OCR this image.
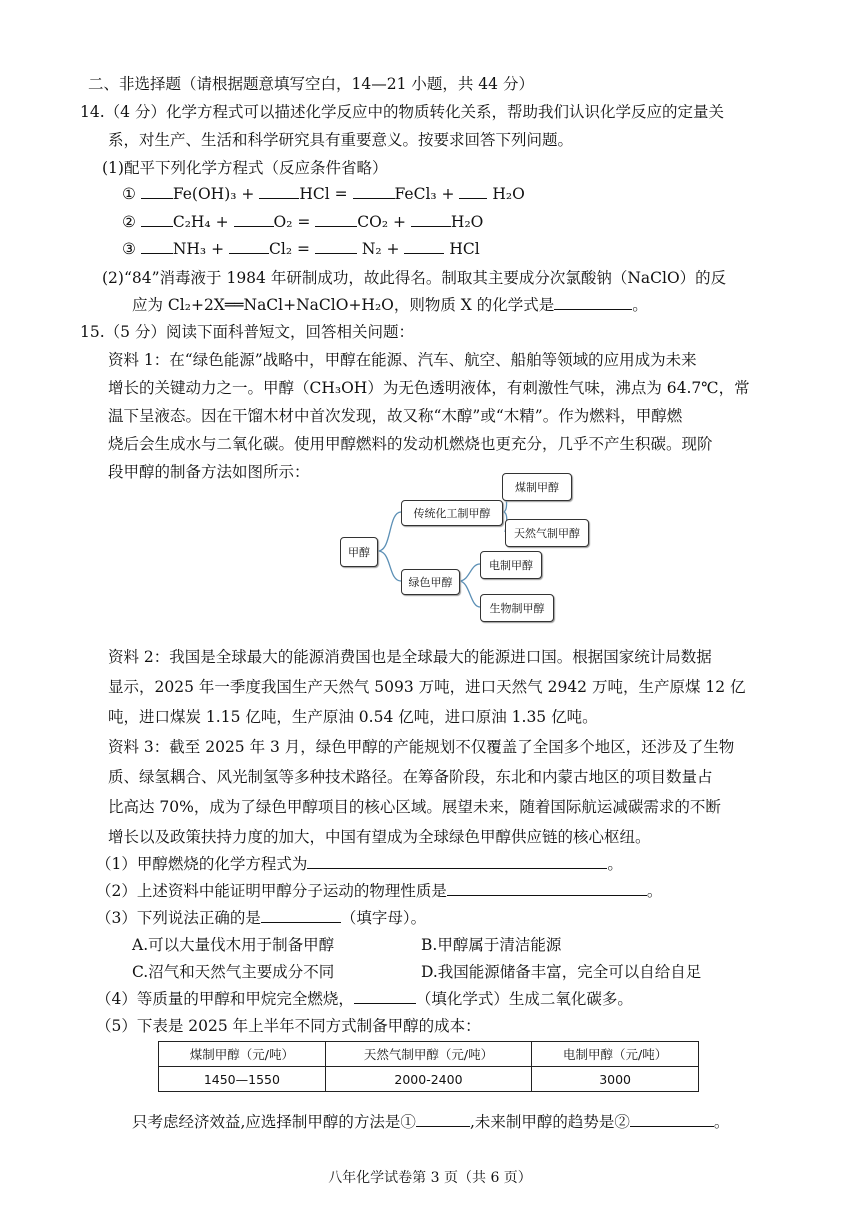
二、非选择题（请根据题意填写空白，14—21 小题，共 44 分）
14.（4 分）化学方程式可以描述化学反应中的物质转化关系，帮助我们认识化学反应的定量关
系，对生产、生活和科学研究具有重要意义。按要求回答下列问题。
(1)配平下列化学方程式（反应条件省略）
① Fe(OH)₃ +	HCl =	FeCl₃ + H₂O
② C₂H₄ +	O₂ =	CO₂ +	H₂O
③ NH₃ +	Cl₂ =	N₂ +	HCl
(2)“84”消毒液于 1984 年研制成功，故此得名。制取其主要成分次氯酸钠（NaClO）的反
应为 Cl₂+2X══NaCl+NaClO+H₂O，则物质 X 的化学式是	。
15.（5 分）阅读下面科普短文，回答相关问题：
资料 1：在“绿色能源”战略中，甲醇在能源、汽车、航空、船舶等领域的应用成为未来
增长的关键动力之一。甲醇（CH₃OH）为无色透明液体，有刺激性气味，沸点为 64.7℃，常
温下呈液态。因在干馏木材中首次发现，故又称“木醇”或“木精”。作为燃料，甲醇燃
烧后会生成水与二氧化碳。使用甲醇燃料的发动机燃烧也更充分，几乎不产生积碳。现阶
段甲醇的制备方法如图所示：
甲醇
传统化工制甲醇
煤制甲醇
天然气制甲醇
绿色甲醇
电制甲醇
生物制甲醇
资料 2：我国是全球最大的能源消费国也是全球最大的能源进口国。根据国家统计局数据
显示，2025 年一季度我国生产天然气 5093 万吨，进口天然气 2942 万吨，生产原煤 12 亿
吨，进口煤炭 1.15 亿吨，生产原油 0.54 亿吨，进口原油 1.35 亿吨。
资料 3：截至 2025 年 3 月，绿色甲醇的产能规划不仅覆盖了全国多个地区，还涉及了生物
质、绿氢耦合、风光制氢等多种技术路径。在筹备阶段，东北和内蒙古地区的项目数量占
比高达 70%，成为了绿色甲醇项目的核心区域。展望未来，随着国际航运减碳需求的不断
增长以及政策扶持力度的加大，中国有望成为全球绿色甲醇供应链的核心枢纽。
（1）甲醇燃烧的化学方程式为	。
（2）上述资料中能证明甲醇分子运动的物理性质是	。
（3）下列说法正确的是	（填字母）。
A.可以大量伐木用于制备甲醇	B.甲醇属于清洁能源
C.沼气和天然气主要成分不同	D.我国能源储备丰富，完全可以自给自足
（4）等质量的甲醇和甲烷完全燃烧，	（填化学式）生成二氧化碳多。
（5）下表是 2025 年上半年不同方式制备甲醇的成本：
煤制甲醇（元/吨）	天然气制甲醇（元/吨）	电制甲醇（元/吨）
1450—1550	2000-2400	3000
只考虑经济效益,应选择制甲醇的方法是①	,未来制甲醇的趋势是②	。
八年化学试卷第 3 页（共 6 页）
